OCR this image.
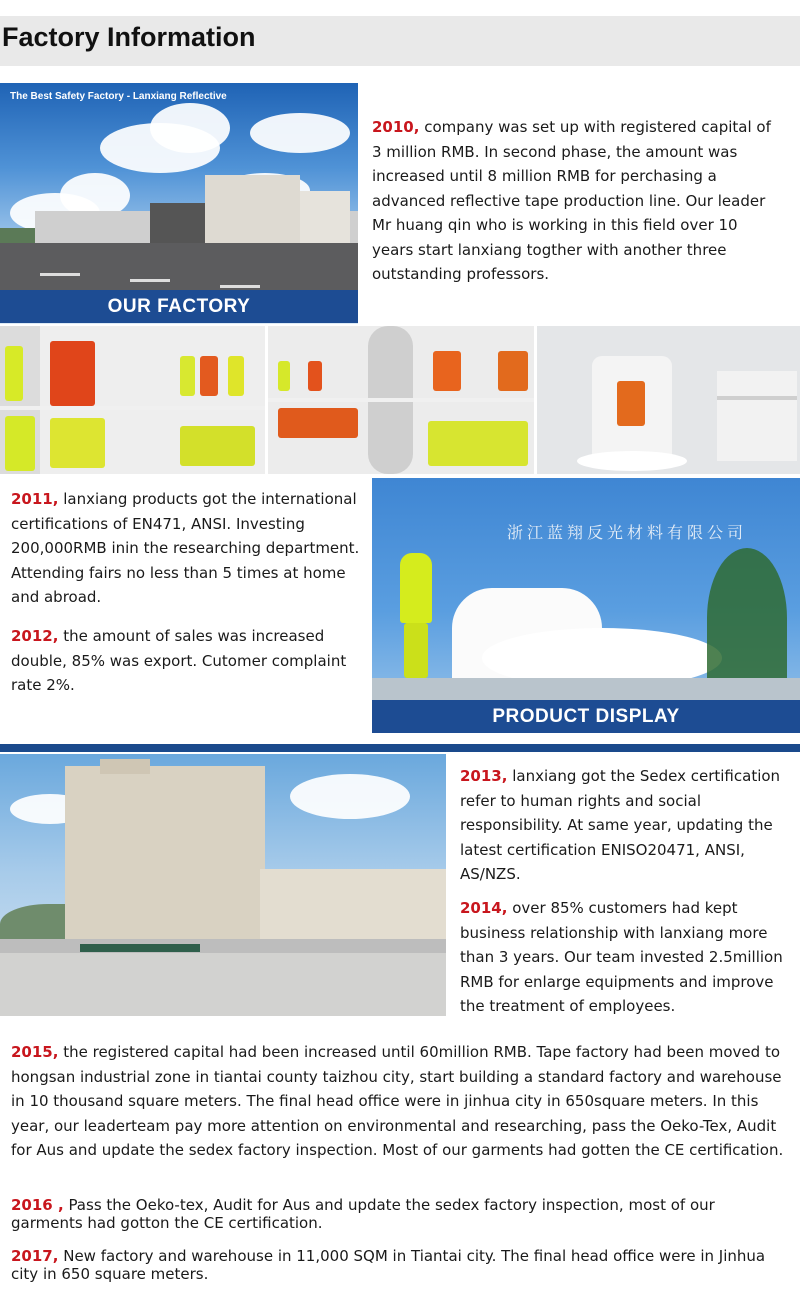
Factory Information
The Best Safety Factory - Lanxiang Reflective
OUR FACTORY
2010, company was set up with registered capital of 3 million RMB. In second phase, the amount was increased until 8 million RMB for perchasing a advanced reflective tape production line. Our leader Mr huang qin who is working in this field over 10 years start lanxiang togther with another three outstanding professors.
2011, lanxiang products got the international certifications of EN471, ANSI. Investing 200,000RMB inin the researching department. Attending fairs no less than 5 times at home and abroad.
2012, the amount of sales was increased double, 85% was export. Cutomer complaint rate 2%.
浙江蓝翔反光材料有限公司
PRODUCT DISPLAY
2013, lanxiang got the Sedex certification refer to human rights and social responsibility. At same year, updating the latest certification ENISO20471, ANSI, AS/NZS.
2014, over 85% customers had kept business relationship with lanxiang more than 3 years. Our team invested 2.5million RMB for enlarge equipments and improve the treatment of employees.
2015, the registered capital had been increased until 60million RMB. Tape factory had been moved to hongsan industrial zone in tiantai county taizhou city, start building a standard factory and warehouse in 10 thousand square meters. The final head office were in jinhua city in 650square meters. In this year, our leaderteam pay more attention on environmental and researching, pass the Oeko-Tex, Audit for Aus and update the sedex factory inspection. Most of our garments had gotten the CE certification.
2016 , Pass the Oeko-tex, Audit for Aus and update the sedex factory inspection, most of our garments had gotton the CE certification.
2017, New factory and warehouse in 11,000 SQM in Tiantai city. The final head office were in Jinhua city in 650 square meters.
